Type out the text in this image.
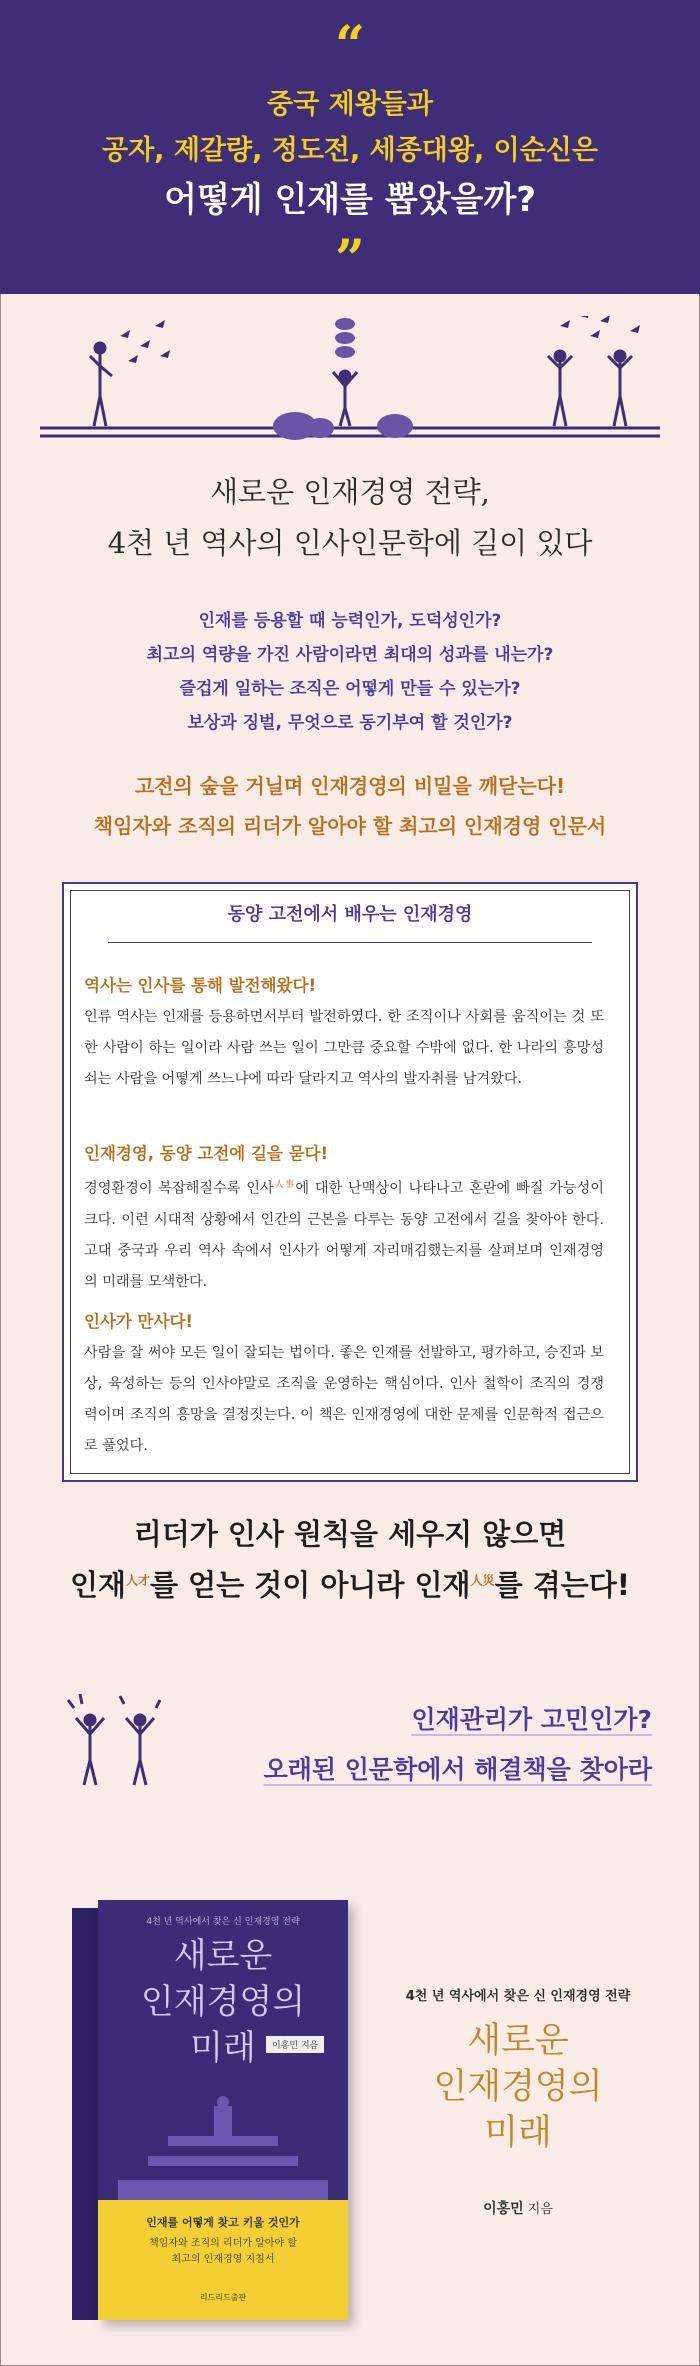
“
중국 제왕들과
공자, 제갈량, 정도전, 세종대왕, 이순신은
어떻게 인재를 뽑았을까?
”
새로운 인재경영 전략,
4천 년 역사의 인사인문학에 길이 있다
인재를 등용할 때 능력인가, 도덕성인가?
최고의 역량을 가진 사람이라면 최대의 성과를 내는가?
즐겁게 일하는 조직은 어떻게 만들 수 있는가?
보상과 징벌, 무엇으로 동기부여 할 것인가?
고전의 숲을 거닐며 인재경영의 비밀을 깨닫는다!
책임자와 조직의 리더가 알아야 할 최고의 인재경영 인문서
동양 고전에서 배우는 인재경영
역사는 인사를 통해 발전해왔다!
인류 역사는 인재를 등용하면서부터 발전하였다. 한 조직이나 사회를 움직이는 것 또한 사람이 하는 일이라 사람 쓰는 일이 그만큼 중요할 수밖에 없다. 한 나라의 흥망성쇠는 사람을 어떻게 쓰느냐에 따라 달라지고 역사의 발자취를 남겨왔다.
인재경영, 동양 고전에 길을 묻다!
경영환경이 복잡해질수록 인사$^{人事}$에 대한 난맥상이 나타나고 혼란에 빠질 가능성이 크다. 이런 시대적 상황에서 인간의 근본을 다루는 동양 고전에서 길을 찾아야 한다. 고대 중국과 우리 역사 속에서 인사가 어떻게 자리매김했는지를 살펴보며 인재경영의 미래를 모색한다.
인사가 만사다!
사람을 잘 써야 모든 일이 잘되는 법이다. 좋은 인재를 선발하고, 평가하고, 승진과 보상, 육성하는 등의 인사야말로 조직을 운영하는 핵심이다. 인사 철학이 조직의 경쟁력이며 조직의 흥망을 결정짓는다. 이 책은 인재경영에 대한 문제를 인문학적 접근으로 풀었다.
리더가 인사 원칙을 세우지 않으면
인재$^{人才}$를 얻는 것이 아니라 인재$^{人災}$를 겪는다!
인재관리가 고민인가?
오래된 인문학에서 해결책을 찾아라
4천 년 역사에서 찾은 신 인재경영 전략
새로운
인재경영의
미래	이홍민 지음
인재를 어떻게 찾고 키울 것인가
책임자와 조직의 리더가 알아야 할
최고의 인재경영 지침서
리드리드출판
4천 년 역사에서 찾은 신 인재경영 전략
새로운
인재경영의
미래
이홍민 지음
